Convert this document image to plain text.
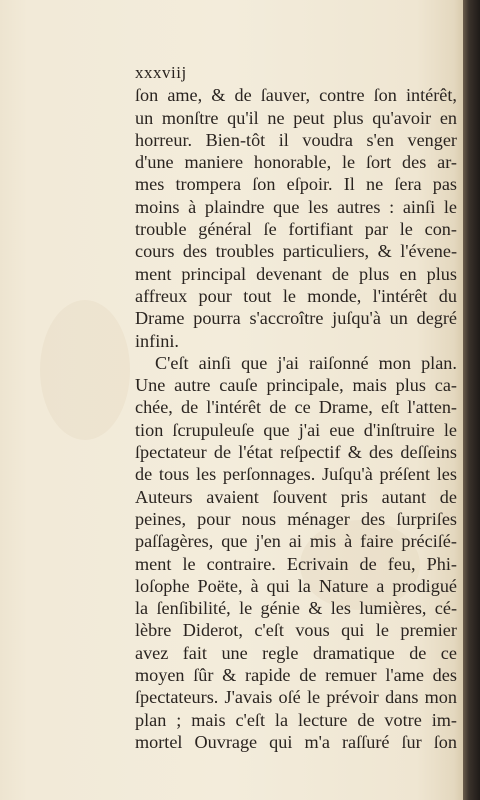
xxxviij
ſon ame, & de ſauver, contre ſon intérêt,
un monſtre qu'il ne peut plus qu'avoir en
horreur. Bien-tôt il voudra s'en venger
d'une maniere honorable, le ſort des ar-
mes trompera ſon eſpoir. Il ne ſera pas
moins à plaindre que les autres : ainſi le
trouble général ſe fortifiant par le con-
cours des troubles particuliers, & l'évene-
ment principal devenant de plus en plus
affreux pour tout le monde, l'intérêt du
Drame pourra s'accroître juſqu'à un degré
infini.
C'eſt ainſi que j'ai raiſonné mon plan.
Une autre cauſe principale, mais plus ca-
chée, de l'intérêt de ce Drame, eſt l'atten-
tion ſcrupuleuſe que j'ai eue d'inſtruire le
ſpectateur de l'état reſpectif & des deſſeins
de tous les perſonnages. Juſqu'à préſent les
Auteurs avaient ſouvent pris autant de
peines, pour nous ménager des ſurpriſes
paſſagères, que j'en ai mis à faire préciſé-
ment le contraire. Ecrivain de feu, Phi-
loſophe Poëte, à qui la Nature a prodigué
la ſenſibilité, le génie & les lumières, cé-
lèbre Diderot, c'eſt vous qui le premier
avez fait une regle dramatique de ce
moyen ſûr & rapide de remuer l'ame des
ſpectateurs. J'avais oſé le prévoir dans mon
plan ; mais c'eſt la lecture de votre im-
mortel Ouvrage qui m'a raſſuré ſur ſon
